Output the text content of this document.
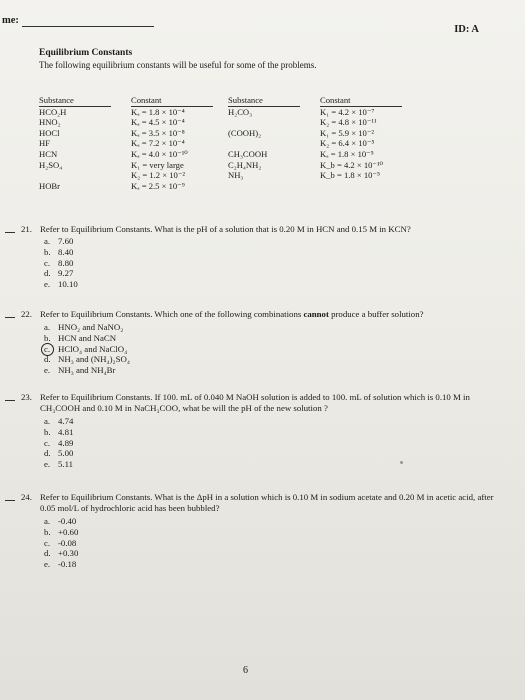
me:
ID: A
Equilibrium Constants
The following equilibrium constants will be useful for some of the problems.
Substance
HCO₂H
HNO₂
HOCl
HF
HCN
H₂SO₄

HOBr
Constant
Kₐ = 1.8 × 10⁻⁴
Kₐ = 4.5 × 10⁻⁴
Kₐ = 3.5 × 10⁻⁸
Kₐ = 7.2 × 10⁻⁴
Kₐ = 4.0 × 10⁻¹⁰
K₁ = very large
K₂ = 1.2 × 10⁻²
Kₐ = 2.5 × 10⁻⁹
Substance
H₂CO₃

(COOH)₂

CH₃COOH
C₂H₄NH₂
NH₃

Constant
K₁ = 4.2 × 10⁻⁷
K₂ = 4.8 × 10⁻¹¹
K₁ = 5.9 × 10⁻²
K₂ = 6.4 × 10⁻⁵
Kₐ = 1.8 × 10⁻⁵
K_b = 4.2 × 10⁻¹⁰
K_b = 1.8 × 10⁻⁵

21. Refer to Equilibrium Constants. What is the pH of a solution that is 0.20 M in HCN and 0.15 M in KCN?
a. 7.60
b. 8.40
c. 8.80
d. 9.27
e. 10.10
22. Refer to Equilibrium Constants. Which one of the following combinations cannot produce a buffer solution?
a. HNO₂ and NaNO₂
b. HCN and NaCN
c. HClO₄ and NaClO₄
d. NH₃ and (NH₄)₂SO₄
e. NH₃ and NH₄Br
23. Refer to Equilibrium Constants. If 100. mL of 0.040 M NaOH solution is added to 100. mL of solution which is 0.10 M in CH₃COOH and 0.10 M in NaCH₃COO, what be will the pH of the new solution ?
a. 4.74
b. 4.81
c. 4.89
d. 5.00
e. 5.11
24. Refer to Equilibrium Constants. What is the ΔpH in a solution which is 0.10 M in sodium acetate and 0.20 M in acetic acid, after 0.05 mol/L of hydrochloric acid has been bubbled?
a. -0.40
b. +0.60
c. -0.08
d. +0.30
e. -0.18
6
